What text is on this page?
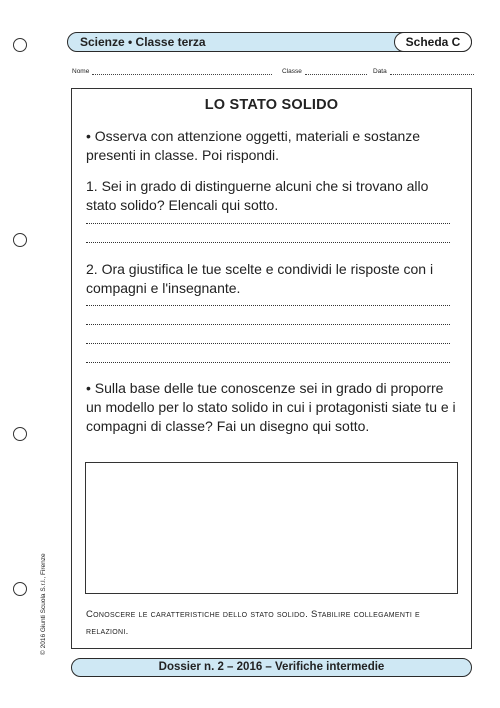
Scienze • Classe terza	Scheda C
Nome	Classe	Data
LO STATO SOLIDO
• Osserva con attenzione oggetti, materiali e sostanze presenti in classe. Poi rispondi.
1. Sei in grado di distinguerne alcuni che si trovano allo stato solido? Elencali qui sotto.
2. Ora giustifica le tue scelte e condividi le risposte con i compagni e l'insegnante.
• Sulla base delle tue conoscenze sei in grado di proporre un modello per lo stato solido in cui i protagonisti siate tu e i compagni di classe? Fai un disegno qui sotto.
Conoscere le caratteristiche dello stato solido. Stabilire collegamenti e relazioni.
© 2016 Giunti Scuola S.r.l., Firenze
Dossier n. 2 – 2016 – Verifiche intermedie
